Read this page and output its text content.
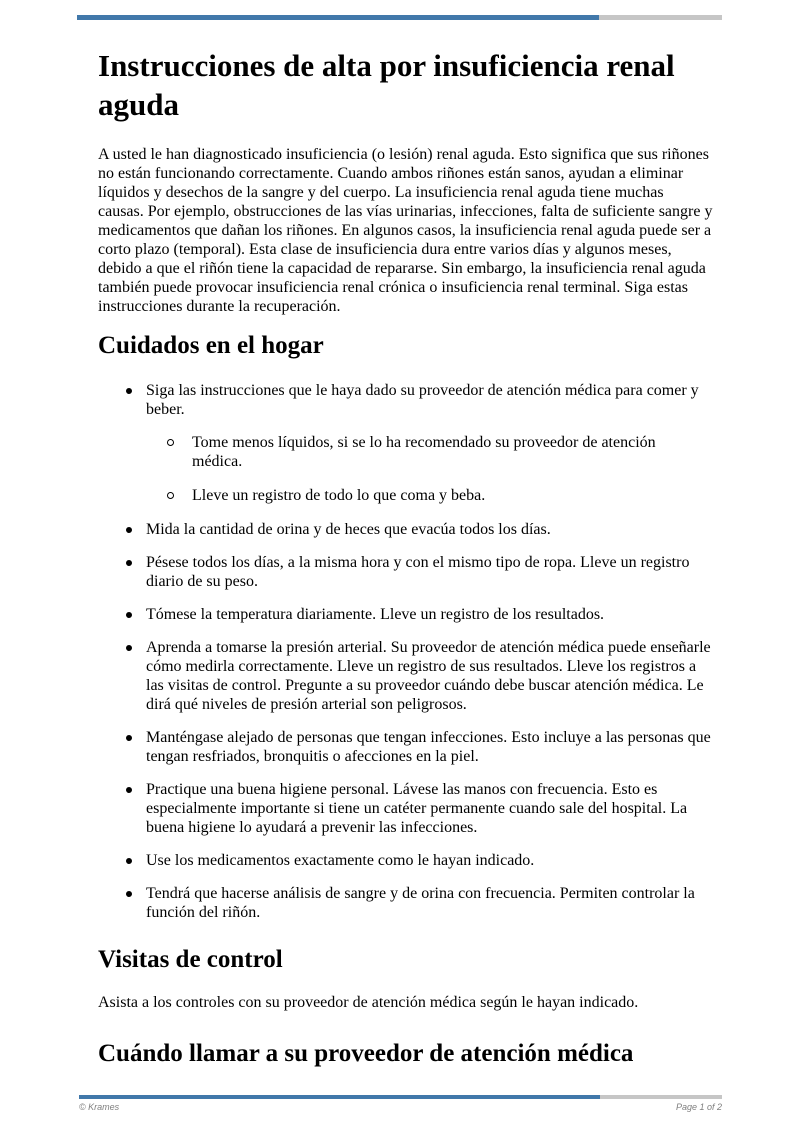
Instrucciones de alta por insuficiencia renal aguda

A usted le han diagnosticado insuficiencia (o lesión) renal aguda. Esto significa que sus riñones no están funcionando correctamente. Cuando ambos riñones están sanos, ayudan a eliminar líquidos y desechos de la sangre y del cuerpo. La insuficiencia renal aguda tiene muchas causas. Por ejemplo, obstrucciones de las vías urinarias, infecciones, falta de suficiente sangre y medicamentos que dañan los riñones. En algunos casos, la insuficiencia renal aguda puede ser a corto plazo (temporal). Esta clase de insuficiencia dura entre varios días y algunos meses, debido a que el riñón tiene la capacidad de repararse. Sin embargo, la insuficiencia renal aguda también puede provocar insuficiencia renal crónica o insuficiencia renal terminal. Siga estas instrucciones durante la recuperación.

Cuidados en el hogar
Siga las instrucciones que le haya dado su proveedor de atención médica para comer y beber.
Tome menos líquidos, si se lo ha recomendado su proveedor de atención médica.
Lleve un registro de todo lo que coma y beba.
Mida la cantidad de orina y de heces que evacúa todos los días.
Pésese todos los días, a la misma hora y con el mismo tipo de ropa. Lleve un registro diario de su peso.
Tómese la temperatura diariamente. Lleve un registro de los resultados.
Aprenda a tomarse la presión arterial. Su proveedor de atención médica puede enseñarle cómo medirla correctamente. Lleve un registro de sus resultados. Lleve los registros a las visitas de control. Pregunte a su proveedor cuándo debe buscar atención médica. Le dirá qué niveles de presión arterial son peligrosos.
Manténgase alejado de personas que tengan infecciones. Esto incluye a las personas que tengan resfriados, bronquitis o afecciones en la piel.
Practique una buena higiene personal. Lávese las manos con frecuencia. Esto es especialmente importante si tiene un catéter permanente cuando sale del hospital. La buena higiene lo ayudará a prevenir las infecciones.
Use los medicamentos exactamente como le hayan indicado.
Tendrá que hacerse análisis de sangre y de orina con frecuencia. Permiten controlar la función del riñón.
Visitas de control

Asista a los controles con su proveedor de atención médica según le hayan indicado.

Cuándo llamar a su proveedor de atención médica
© Krames	Page 1 of 2
